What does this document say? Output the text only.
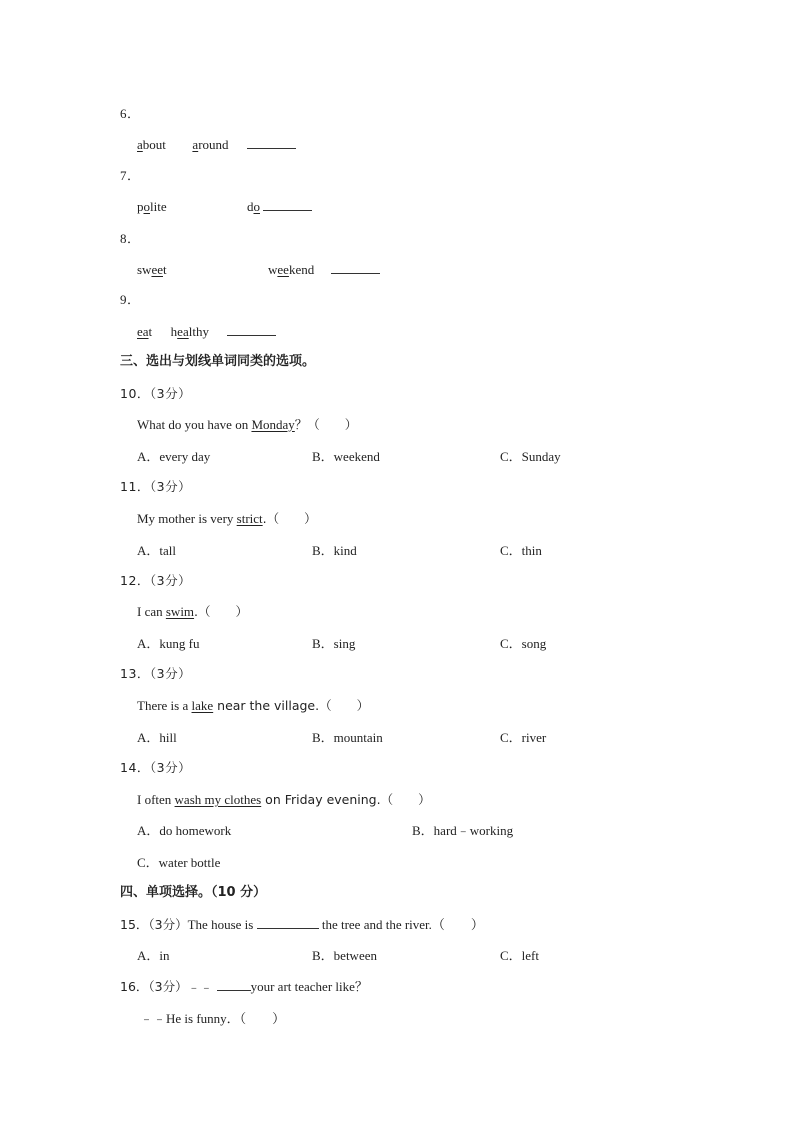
6．
about around
7．
polite	do
8．
sweet	weekend
9．
eat healthy
三、选出与划线单词同类的选项。
10．（3分）
What do you have on Monday？（　　）
A．every day	B．weekend	C．Sunday
11．（3分）
My mother is very strict.（　　）
A．tall	B．kind	C．thin
12．（3分）
I can swim.（　　）
A．kung fu	B．sing	C．song
13．（3分）
There is a lake near the village.（　　）
A．hill	B．mountain	C．river
14．（3分）
I often wash my clothes on Friday evening.（　　）
A．do homework	B．hard﹣working
C．water bottle
四、单项选择。（10 分）
15．（3分）The house is	the tree and the river.（　　）
A．in	B．between	C．left
16．（3分）﹣﹣	your art teacher like？
﹣﹣He is funny．（　　）
